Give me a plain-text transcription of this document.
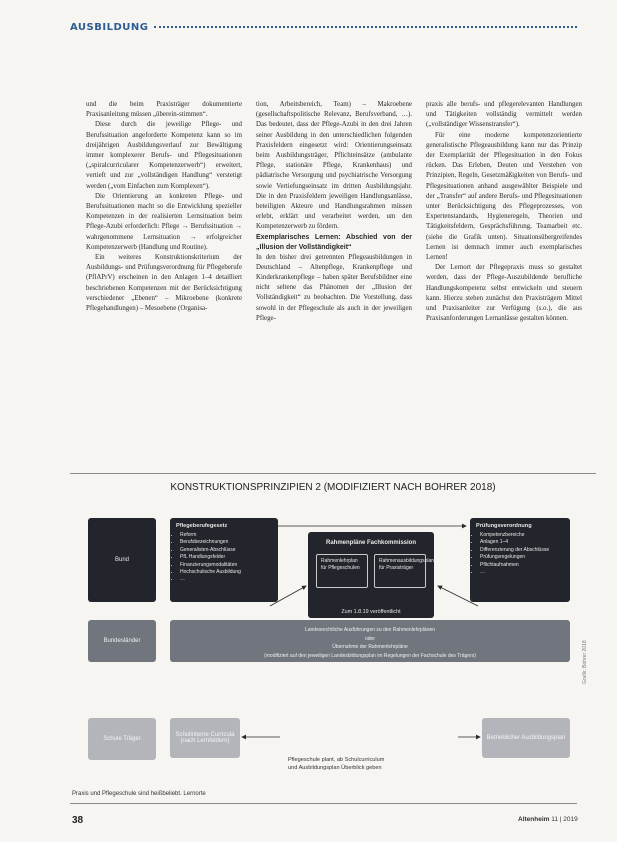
AUSBILDUNG

und die beim Praxisträger dokumentierte Praxisanleitung müssen „überein-stimmen“.

Diese durch die jeweilige Pflege- und Berufssituation angeforderte Kompetenz kann so im dreijährigen Ausbildungsverlauf zur Bewältigung immer komplexerer Berufs- und Pflegesituationen („spiralcurricularer Kompetenzerwerb“) erweitert, vertieft und zur „vollständigen Handlung“ verstetigt werden („vom Einfachen zum Komplexen“).

Die Orientierung an konkreten Pflege- und Berufssituationen macht so die Entwicklung spezieller Kompetenzen in der realisierten Lernsituation beim Pflege-Azubi erforderlich: Pflege → Berufssituation → wahrgenommene Lernsituation → erfolgreicher Kompetenzerwerb (Handlung und Routine).

Ein weiteres Konstruktionskriterium der Ausbildungs- und Prüfungsverordnung für Pflegeberufe (PflAPrV) erscheinen in den Anlagen 1–4 detailliert beschriebenen Kompetenzen mit der Berücksichtigung verschiedener „Ebenen“ – Mikroebene (konkrete Pflegehandlungen) – Mesoebene (Organisa-

tion, Arbeitsbereich, Team) – Makroebene (gesellschaftspolitische Relevanz, Berufsverband, …). Das bedeutet, dass der Pflege-Azubi in den drei Jahren seiner Ausbildung in den unterschiedlichen folgenden Praxisfeldern eingesetzt wird: Orientierungseinsatz beim Ausbildungsträger, Pflichteinsätze (ambulante Pflege, stationäre Pflege, Krankenhaus) und pädiatrische Versorgung und psychiatrische Versorgung sowie Vertiefungseinsatz im dritten Ausbildungsjahr. Die in den Praxisfeldern jeweiligen Handlungsanlässe, beteiligten Akteure und Handlungsrahmen müssen erlebt, erklärt und verarbeitet werden, um den Kompetenzerwerb zu fördern.

Exemplarisches Lernen: Abschied von der „Illusion der Vollständigkeit“

In den bisher drei getrennten Pflegeausbildungen in Deutschland – Altenpflege, Krankenpflege und Kinderkrankenpflege – haben später Berufsbildner eine nicht seltene das Phänomen der „Illusion der Vollständigkeit“ zu beobachten. Die Vorstellung, dass sowohl in der Pflegeschule als auch in der jeweiligen Pflege-

praxis alle berufs- und pflegerelevanten Handlungen und Tätigkeiten vollständig vermittelt werden („vollständiger Wissenstransfer“).

Für eine moderne kompetenzorientierte generalistische Pflegeausbildung kann nur das Prinzip der Exemplarität der Pflegesituation in den Fokus rücken. Das Erleben, Deuten und Verstehen von Prinzipien, Regeln, Gesetzmäßigkeiten von Berufs- und Pflegesituationen anhand ausgewählter Beispiele und der „Transfer“ auf andere Berufs- und Pflegesituationen unter Berücksichtigung des Pflegeprozesses, von Expertenstandards, Hygieneregeln, Theorien und Tätigkeitsfeldern, Gesprächsführung, Teamarbeit etc. (siehe die Grafik unten). Situationsübergreifendes Lernen ist demnach immer auch exemplarisches Lernen!

Der Lernort der Pflegepraxis muss so gestaltet werden, dass der Pflege-Auszubildende berufliche Handlungskompetenz selbst entwickeln und steuern kann. Hierzu stehen zunächst den Praxisträgern Mittel und Praxisanleiter zur Verfügung (s.o.), die aus Praxisanforderungen Lernanlässe gestalten können.

KONSTRUKTIONSPRINZIPIEN 2 (MODIFIZIERT NACH BOHRER 2018)
Bund
Pflegeberufegesetz
• Reform
• Berufsbezeichnungen
• Generalisten-Abschlüsse
• PfL Handlungsfelder
• Finanzierungsmodalitäten
• Hochschulische Ausbildung
• …
Rahmenpläne Fachkommission
Rahmenlehrplan für Pflegeschulen
Rahmenausbildungsplan für Praxisträger
Zum 1.8.19 veröffentlicht
Prüfungsverordnung
• Kompetenzbereiche
• Anlagen 1–4
• Differenzierung der Abschlüsse
• Prüfungsregelungen
• Pflichtaufnahmen
• …
Bundesländer
Landesrechtliche Ausführungen zu den Rahmenlehrplänen
oder
Übernahme der Rahmenlehrpläne
(modifiziert auf den jeweiligen Landesbildungsplan im Regelungen der Fachschule des Trägers)
Schule Träger
Schulinterne Curricula (nach Lernfeldern)	Betrieblicher Ausbildungsplan
Pflegeschule plant, ab Schulcurriculum
und Ausbildungsplan Überblick geben
Grafik: Bohrer 2018
Praxis und Pflegeschule sind heißbeliebt. Lernorte
38	Altenheim 11 | 2019
